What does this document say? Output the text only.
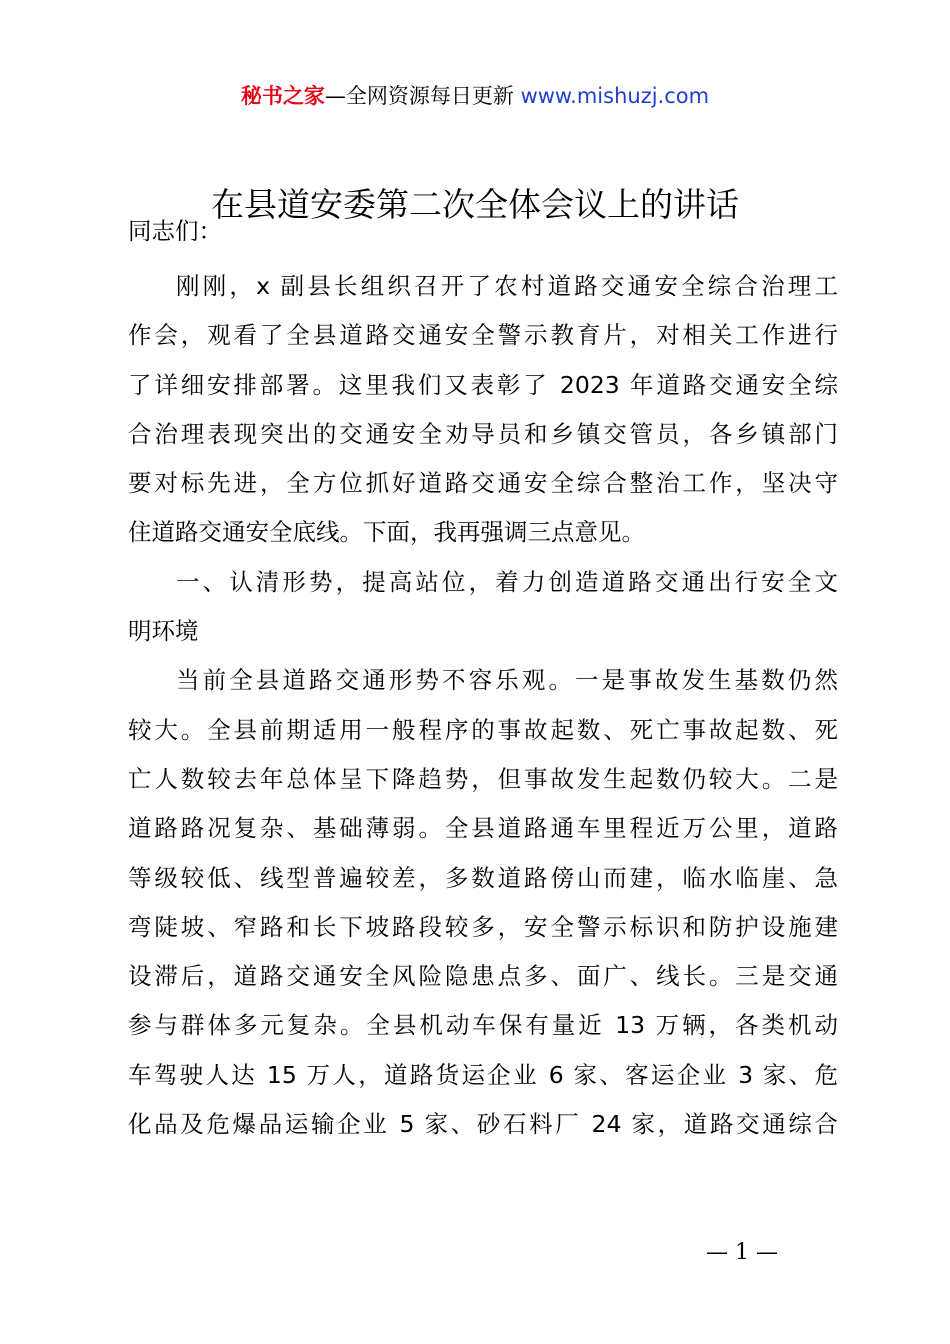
秘书之家—全网资源每日更新 www.mishuzj.com
在县道安委第二次全体会议上的讲话
同志们：
刚刚，x 副县长组织召开了农村道路交通安全综合治理工
作会，观看了全县道路交通安全警示教育片，对相关工作进行
了详细安排部署。这里我们又表彰了 2023 年道路交通安全综
合治理表现突出的交通安全劝导员和乡镇交管员，各乡镇部门
要对标先进，全方位抓好道路交通安全综合整治工作，坚决守
住道路交通安全底线。下面，我再强调三点意见。
一、认清形势，提高站位，着力创造道路交通出行安全文
明环境
当前全县道路交通形势不容乐观。一是事故发生基数仍然
较大。全县前期适用一般程序的事故起数、死亡事故起数、死
亡人数较去年总体呈下降趋势，但事故发生起数仍较大。二是
道路路况复杂、基础薄弱。全县道路通车里程近万公里，道路
等级较低、线型普遍较差，多数道路傍山而建，临水临崖、急
弯陡坡、窄路和长下坡路段较多，安全警示标识和防护设施建
设滞后，道路交通安全风险隐患点多、面广、线长。三是交通
参与群体多元复杂。全县机动车保有量近 13 万辆，各类机动
车驾驶人达 15 万人，道路货运企业 6 家、客运企业 3 家、危
化品及危爆品运输企业 5 家、砂石料厂 24 家，道路交通综合
— 1 —
